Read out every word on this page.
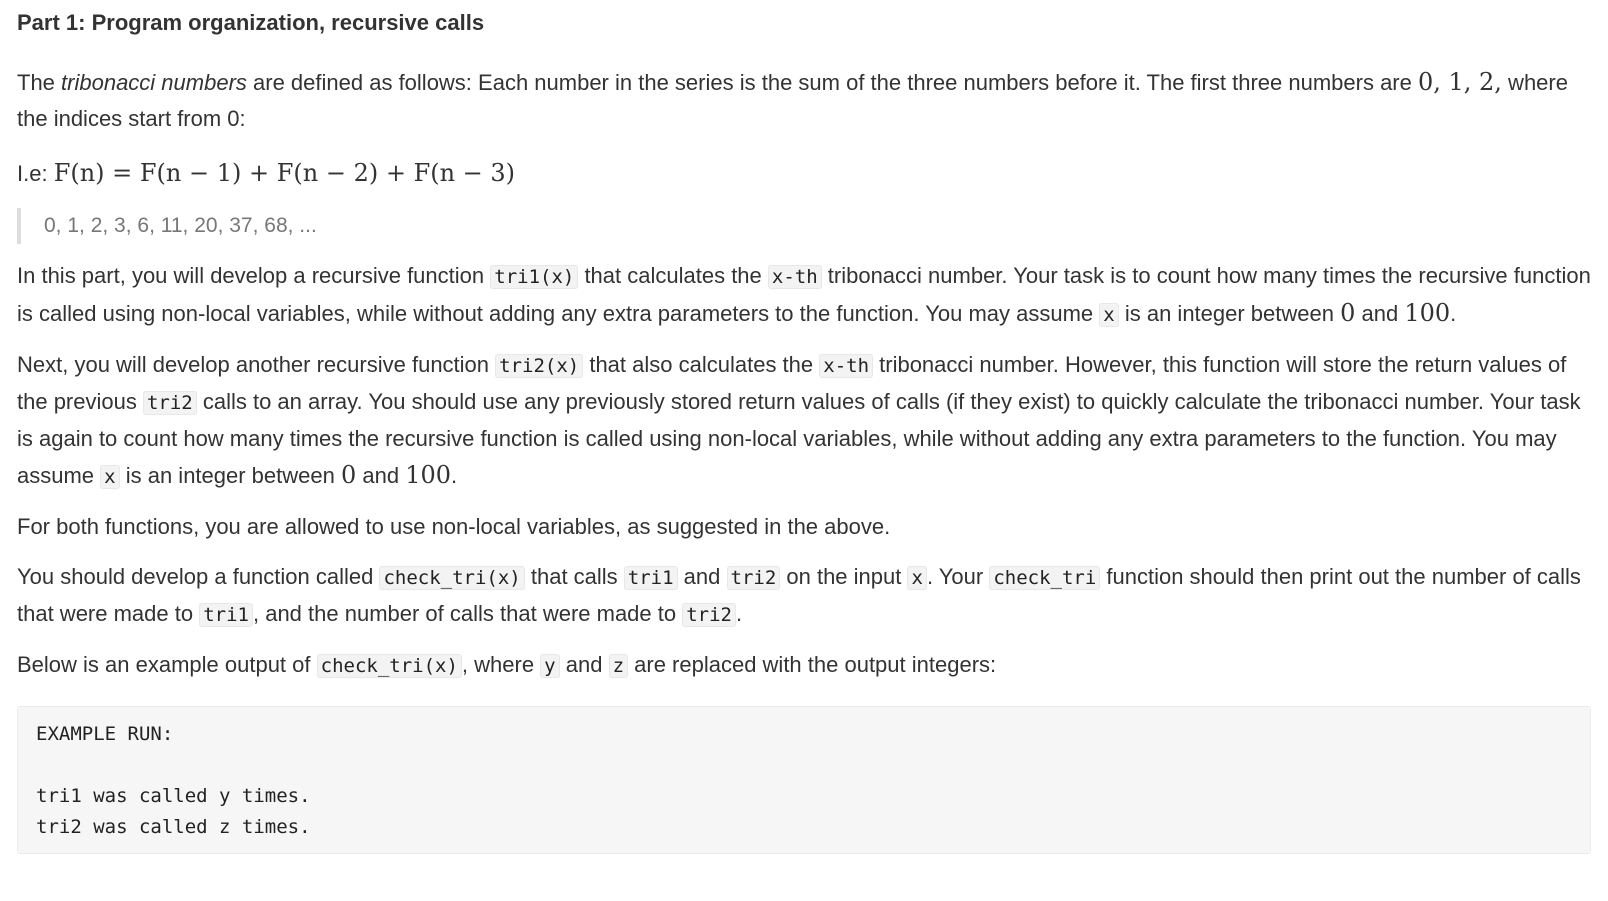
Part 1: Program organization, recursive calls

The tribonacci numbers are defined as follows: Each number in the series is the sum of the three numbers before it. The first three numbers are 0, 1, 2, where the indices start from 0:

I.e: F(n) = F(n − 1) + F(n − 2) + F(n − 3)

0, 1, 2, 3, 6, 11, 20, 37, 68, ...

In this part, you will develop a recursive function tri1(x) that calculates the x-th tribonacci number. Your task is to count how many times the recursive function is called using non-local variables, while without adding any extra parameters to the function. You may assume x is an integer between 0 and 100.

Next, you will develop another recursive function tri2(x) that also calculates the x-th tribonacci number. However, this function will store the return values of the previous tri2 calls to an array. You should use any previously stored return values of calls (if they exist) to quickly calculate the tribonacci number. Your task is again to count how many times the recursive function is called using non-local variables, while without adding any extra parameters to the function. You may assume x is an integer between 0 and 100.

For both functions, you are allowed to use non-local variables, as suggested in the above.

You should develop a function called check_tri(x) that calls tri1 and tri2 on the input x . Your check_tri function should then print out the number of calls that were made to tri1 , and the number of calls that were made to tri2 .

Below is an example output of check_tri(x) , where y and z are replaced with the output integers:

EXAMPLE RUN:
tri1 was called y times.
tri2 was called z times.
